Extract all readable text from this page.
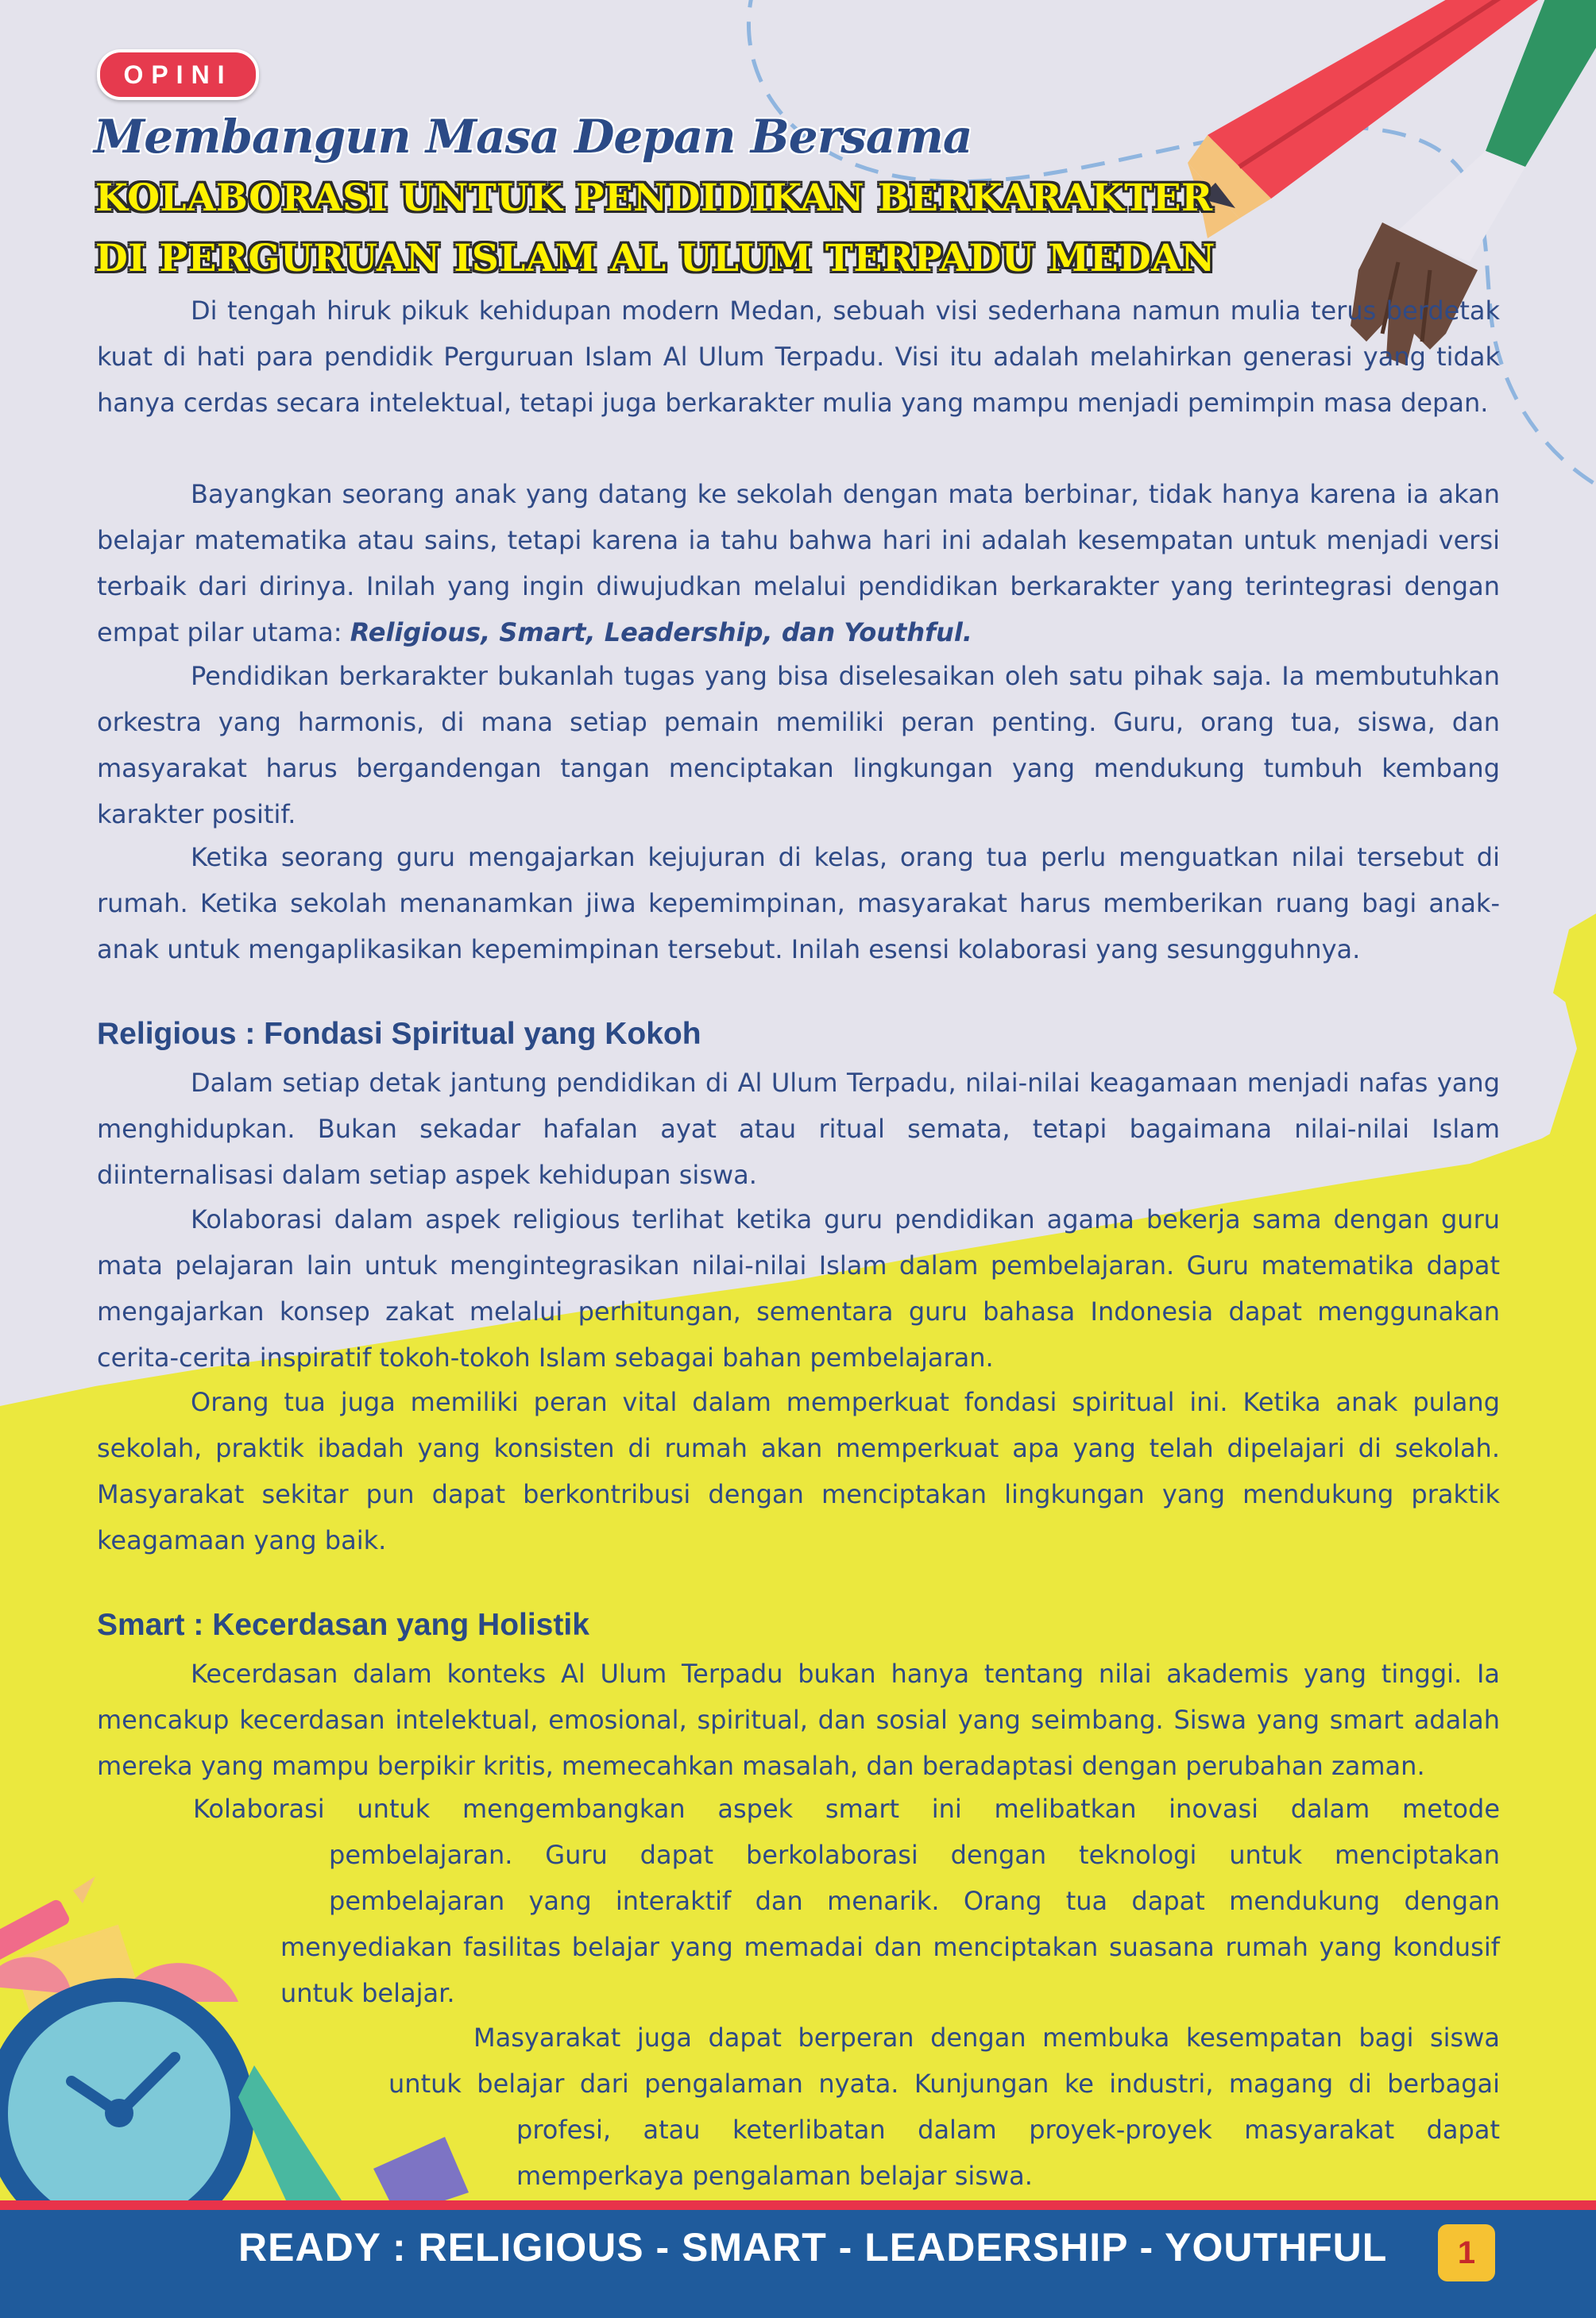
OPINI
Membangun Masa Depan Bersama
KOLABORASI UNTUK PENDIDIKAN BERKARAKTER
DI PERGURUAN ISLAM AL ULUM TERPADU MEDAN

Di tengah hiruk pikuk kehidupan modern Medan, sebuah visi sederhana namun mulia terus berdetak kuat di hati para pendidik Perguruan Islam Al Ulum Terpadu. Visi itu adalah melahirkan generasi yang tidak hanya cerdas secara intelektual, tetapi juga berkarakter mulia yang mampu menjadi pemimpin masa depan.

Bayangkan seorang anak yang datang ke sekolah dengan mata berbinar, tidak hanya karena ia akan belajar matematika atau sains, tetapi karena ia tahu bahwa hari ini adalah kesempatan untuk menjadi versi terbaik dari dirinya. Inilah yang ingin diwujudkan melalui pendidikan berkarakter yang terintegrasi dengan empat pilar utama: Religious, Smart, Leadership, dan Youthful.

Pendidikan berkarakter bukanlah tugas yang bisa diselesaikan oleh satu pihak saja. Ia membutuhkan orkestra yang harmonis, di mana setiap pemain memiliki peran penting. Guru, orang tua, siswa, dan masyarakat harus bergandengan tangan menciptakan lingkungan yang mendukung tumbuh kembang karakter positif.

Ketika seorang guru mengajarkan kejujuran di kelas, orang tua perlu menguatkan nilai tersebut di rumah. Ketika sekolah menanamkan jiwa kepemimpinan, masyarakat harus memberikan ruang bagi anak-anak untuk mengaplikasikan kepemimpinan tersebut. Inilah esensi kolaborasi yang sesungguhnya.

Religious : Fondasi Spiritual yang Kokoh

Dalam setiap detak jantung pendidikan di Al Ulum Terpadu, nilai-nilai keagamaan menjadi nafas yang menghidupkan. Bukan sekadar hafalan ayat atau ritual semata, tetapi bagaimana nilai-nilai Islam diinternalisasi dalam setiap aspek kehidupan siswa.

Kolaborasi dalam aspek religious terlihat ketika guru pendidikan agama bekerja sama dengan guru mata pelajaran lain untuk mengintegrasikan nilai-nilai Islam dalam pembelajaran. Guru matematika dapat mengajarkan konsep zakat melalui perhitungan, sementara guru bahasa Indonesia dapat menggunakan cerita-cerita inspiratif tokoh-tokoh Islam sebagai bahan pembelajaran.

Orang tua juga memiliki peran vital dalam memperkuat fondasi spiritual ini. Ketika anak pulang sekolah, praktik ibadah yang konsisten di rumah akan memperkuat apa yang telah dipelajari di sekolah. Masyarakat sekitar pun dapat berkontribusi dengan menciptakan lingkungan yang mendukung praktik keagamaan yang baik.

Smart : Kecerdasan yang Holistik

Kecerdasan dalam konteks Al Ulum Terpadu bukan hanya tentang nilai akademis yang tinggi. Ia mencakup kecerdasan intelektual, emosional, spiritual, dan sosial yang seimbang. Siswa yang smart adalah mereka yang mampu berpikir kritis, memecahkan masalah, dan beradaptasi dengan perubahan zaman.

Kolaborasi untuk mengembangkan aspek smart ini melibatkan inovasi dalam metode
pembelajaran. Guru dapat berkolaborasi dengan teknologi untuk menciptakan
pembelajaran yang interaktif dan menarik. Orang tua dapat mendukung dengan
menyediakan fasilitas belajar yang memadai dan menciptakan suasana rumah yang kondusif
untuk belajar.
Masyarakat juga dapat berperan dengan membuka kesempatan bagi siswa
untuk belajar dari pengalaman nyata. Kunjungan ke industri, magang di berbagai
profesi, atau keterlibatan dalam proyek-proyek masyarakat dapat
memperkaya pengalaman belajar siswa.
READY : RELIGIOUS - SMART - LEADERSHIP - YOUTHFUL	1
